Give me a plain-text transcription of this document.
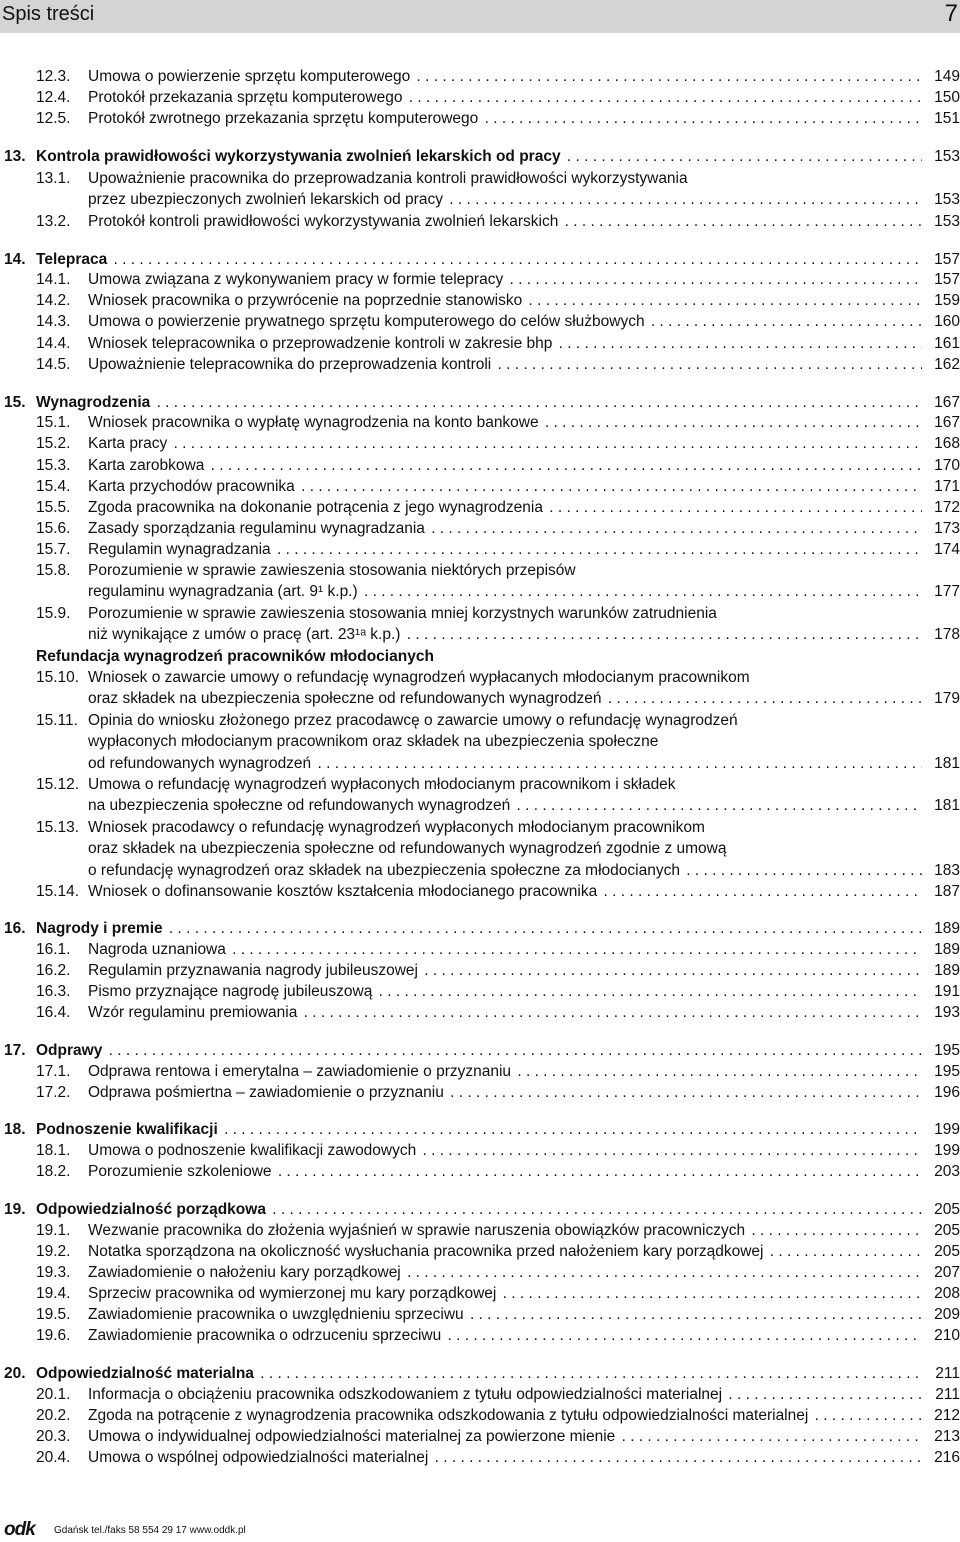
Spis treści	7
12.3. Umowa o powierzenie sprzętu komputerowego . . .	149
12.4. Protokół przekazania sprzętu komputerowego . . .	150
12.5. Protokół zwrotnego przekazania sprzętu komputerowego . . .	151
13. Kontrola prawidłowości wykorzystywania zwolnień lekarskich od pracy . . .	153
13.1. Upoważnienie pracownika do przeprowadzania kontroli prawidłowości wykorzystywania
przez ubezpieczonych zwolnień lekarskich od pracy . . .	153
13.2. Protokół kontroli prawidłowości wykorzystywania zwolnień lekarskich . . .	153
14. Telepraca . . .	157
14.1. Umowa związana z wykonywaniem pracy w formie telepracy . . .	157
14.2. Wniosek pracownika o przywrócenie na poprzednie stanowisko . . .	159
14.3. Umowa o powierzenie prywatnego sprzętu komputerowego do celów służbowych . . .	160
14.4. Wniosek telepracownika o przeprowadzenie kontroli w zakresie bhp . . .	161
14.5. Upoważnienie telepracownika do przeprowadzenia kontroli . . .	162
15. Wynagrodzenia . . .	167
15.1. Wniosek pracownika o wypłatę wynagrodzenia na konto bankowe . . .	167
15.2. Karta pracy . . .	168
15.3. Karta zarobkowa . . .	170
15.4. Karta przychodów pracownika . . .	171
15.5. Zgoda pracownika na dokonanie potrącenia z jego wynagrodzenia . . .	172
15.6. Zasady sporządzania regulaminu wynagradzania . . .	173
15.7. Regulamin wynagradzania . . .	174
15.8. Porozumienie w sprawie zawieszenia stosowania niektórych przepisów
regulaminu wynagradzania (art. 9¹ k.p.) . . .	177
15.9. Porozumienie w sprawie zawieszenia stosowania mniej korzystnych warunków zatrudnienia
niż wynikające z umów o pracę (art. 23¹ᵃ k.p.) . . .	178
Refundacja wynagrodzeń pracowników młodocianych
15.10. Wniosek o zawarcie umowy o refundację wynagrodzeń wypłacanych młodocianym pracownikom
oraz składek na ubezpieczenia społeczne od refundowanych wynagrodzeń . . .	179
15.11. Opinia do wniosku złożonego przez pracodawcę o zawarcie umowy o refundację wynagrodzeń
wypłaconych młodocianym pracownikom oraz składek na ubezpieczenia społeczne
od refundowanych wynagrodzeń . . .	181
15.12. Umowa o refundację wynagrodzeń wypłaconych młodocianym pracownikom i składek
na ubezpieczenia społeczne od refundowanych wynagrodzeń . . .	181
15.13. Wniosek pracodawcy o refundację wynagrodzeń wypłaconych młodocianym pracownikom
oraz składek na ubezpieczenia społeczne od refundowanych wynagrodzeń zgodnie z umową
o refundację wynagrodzeń oraz składek na ubezpieczenia społeczne za młodocianych . . .	183
15.14. Wniosek o dofinansowanie kosztów kształcenia młodocianego pracownika . . .	187
16. Nagrody i premie . . .	189
16.1. Nagroda uznaniowa . . .	189
16.2. Regulamin przyznawania nagrody jubileuszowej . . .	189
16.3. Pismo przyznające nagrodę jubileuszową . . .	191
16.4. Wzór regulaminu premiowania . . .	193
17. Odprawy . . .	195
17.1. Odprawa rentowa i emerytalna – zawiadomienie o przyznaniu . . .	195
17.2. Odprawa pośmiertna – zawiadomienie o przyznaniu . . .	196
18. Podnoszenie kwalifikacji . . .	199
18.1. Umowa o podnoszenie kwalifikacji zawodowych . . .	199
18.2. Porozumienie szkoleniowe . . .	203
19. Odpowiedzialność porządkowa . . .	205
19.1. Wezwanie pracownika do złożenia wyjaśnień w sprawie naruszenia obowiązków pracowniczych . . .	205
19.2. Notatka sporządzona na okoliczność wysłuchania pracownika przed nałożeniem kary porządkowej . . .	205
19.3. Zawiadomienie o nałożeniu kary porządkowej . . .	207
19.4. Sprzeciw pracownika od wymierzonej mu kary porządkowej . . .	208
19.5. Zawiadomienie pracownika o uwzględnieniu sprzeciwu . . .	209
19.6. Zawiadomienie pracownika o odrzuceniu sprzeciwu . . .	210
20. Odpowiedzialność materialna . . .	211
20.1. Informacja o obciążeniu pracownika odszkodowaniem z tytułu odpowiedzialności materialnej . . .	211
20.2. Zgoda na potrącenie z wynagrodzenia pracownika odszkodowania z tytułu odpowiedzialności materialnej . . .	212
20.3. Umowa o indywidualnej odpowiedzialności materialnej za powierzone mienie . . .	213
20.4. Umowa o wspólnej odpowiedzialności materialnej . . .	216
odk Gdańsk tel./faks 58 554 29 17 www.oddk.pl
